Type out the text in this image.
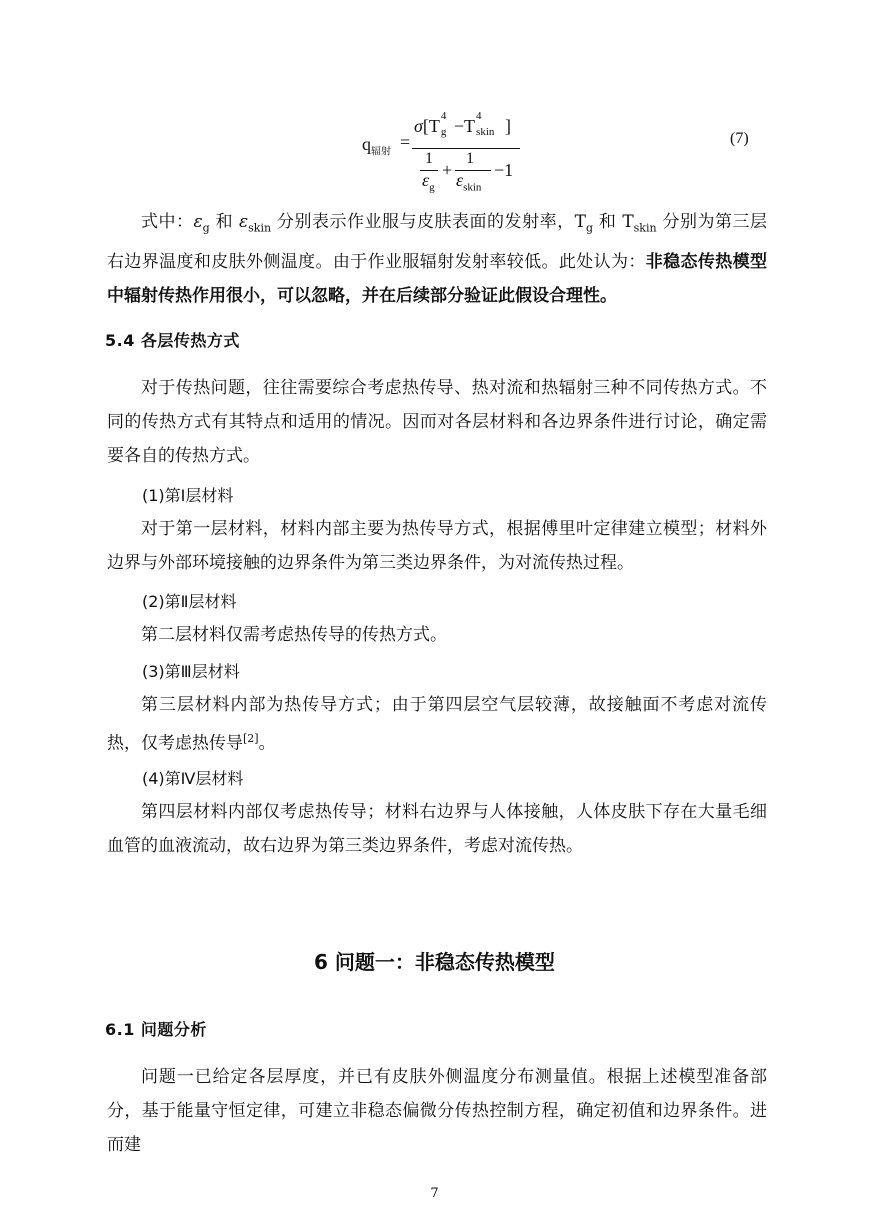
$q_{辐射}$
=
σ[T 4
g −T 4
skin ]
1
$\varepsilon_g$
+
1
$\varepsilon_{skin}$
−1
(7)
式中：$\varepsilon_g$ 和 $\varepsilon_{skin}$ 分别表示作业服与皮肤表面的发射率，$T_g$ 和 $T_{skin}$ 分别为第三层右边界温度和皮肤外侧温度。由于作业服辐射发射率较低。此处认为：非稳态传热模型中辐射传热作用很小，可以忽略，并在后续部分验证此假设合理性。
5.4 各层传热方式
对于传热问题，往往需要综合考虑热传导、热对流和热辐射三种不同传热方式。不同的传热方式有其特点和适用的情况。因而对各层材料和各边界条件进行讨论，确定需要各自的传热方式。
(1)第Ⅰ层材料
对于第一层材料，材料内部主要为热传导方式，根据傅里叶定律建立模型；材料外边界与外部环境接触的边界条件为第三类边界条件，为对流传热过程。
(2)第Ⅱ层材料
第二层材料仅需考虑热传导的传热方式。
(3)第Ⅲ层材料
第三层材料内部为热传导方式；由于第四层空气层较薄，故接触面不考虑对流传热，仅考虑热传导[2]。
(4)第Ⅳ层材料
第四层材料内部仅考虑热传导；材料右边界与人体接触，人体皮肤下存在大量毛细血管的血液流动，故右边界为第三类边界条件，考虑对流传热。
6 问题一：非稳态传热模型
6.1 问题分析
问题一已给定各层厚度，并已有皮肤外侧温度分布测量值。根据上述模型准备部分，基于能量守恒定律，可建立非稳态偏微分传热控制方程，确定初值和边界条件。进而建
7
